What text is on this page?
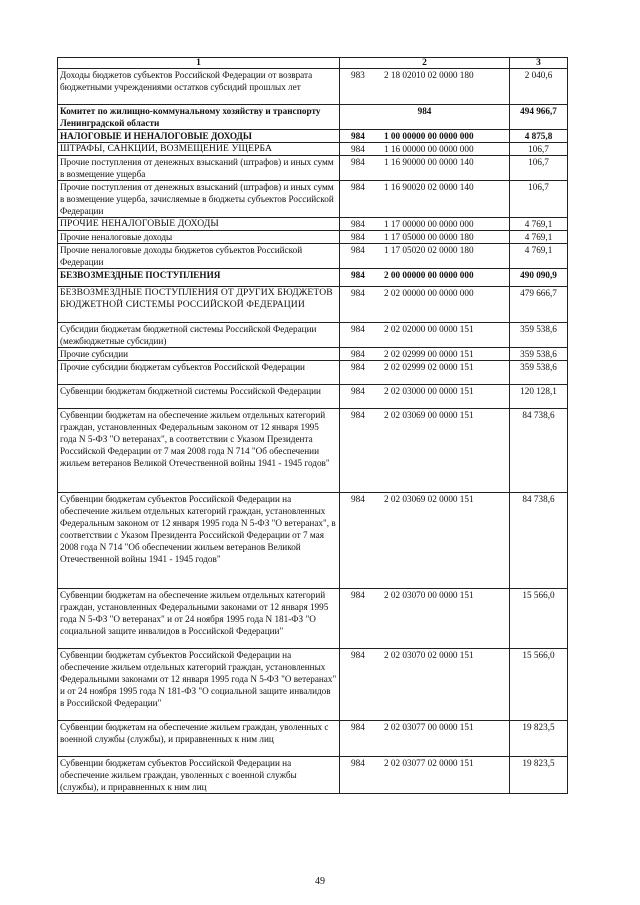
1	2	3
Доходы бюджетов субъектов Российской Федерации от возврата бюджетными учреждениями остатков субсидий прошлых лет	983 2 18 02010 02 0000 180	2 040,6
Комитет по жилищно-коммунальному хозяйству и транспорту Ленинградской области	984	494 966,7
НАЛОГОВЫЕ И НЕНАЛОГОВЫЕ ДОХОДЫ	984 1 00 00000 00 0000 000	4 875,8
ШТРАФЫ, САНКЦИИ, ВОЗМЕЩЕНИЕ УЩЕРБА	984 1 16 00000 00 0000 000	106,7
Прочие поступления от денежных взысканий (штрафов) и иных сумм в возмещение ущерба	984 1 16 90000 00 0000 140	106,7
Прочие поступления от денежных взысканий (штрафов) и иных сумм в возмещение ущерба, зачисляемые в бюджеты субъектов Российской Федерации	984 1 16 90020 02 0000 140	106,7
ПРОЧИЕ НЕНАЛОГОВЫЕ ДОХОДЫ	984 1 17 00000 00 0000 000	4 769,1
Прочие неналоговые доходы	984 1 17 05000 00 0000 180	4 769,1
Прочие неналоговые доходы бюджетов субъектов Российской Федерации	984 1 17 05020 02 0000 180	4 769,1
БЕЗВОЗМЕЗДНЫЕ ПОСТУПЛЕНИЯ	984 2 00 00000 00 0000 000	490 090,9
БЕЗВОЗМЕЗДНЫЕ ПОСТУПЛЕНИЯ ОТ ДРУГИХ БЮДЖЕТОВ БЮДЖЕТНОЙ СИСТЕМЫ РОССИЙСКОЙ ФЕДЕРАЦИИ	984 2 02 00000 00 0000 000	479 666,7
Субсидии бюджетам бюджетной системы Российской Федерации (межбюджетные субсидии)	984 2 02 02000 00 0000 151	359 538,6
Прочие субсидии	984 2 02 02999 00 0000 151	359 538,6
Прочие субсидии бюджетам субъектов Российской Федерации	984 2 02 02999 02 0000 151	359 538,6
Субвенции бюджетам бюджетной системы Российской Федерации	984 2 02 03000 00 0000 151	120 128,1
Субвенции бюджетам на обеспечение жильем отдельных категорий граждан, установленных Федеральным законом от 12 января 1995 года N 5-ФЗ "О ветеранах", в соответствии с Указом Президента Российской Федерации от 7 мая 2008 года N 714 "Об обеспечении жильем ветеранов Великой Отечественной войны 1941 - 1945 годов"	984 2 02 03069 00 0000 151	84 738,6
Субвенции бюджетам субъектов Российской Федерации на обеспечение жильем отдельных категорий граждан, установленных Федеральным законом от 12 января 1995 года N 5-ФЗ "О ветеранах", в соответствии с Указом Президента Российской Федерации от 7 мая 2008 года N 714 "Об обеспечении жильем ветеранов Великой Отечественной войны 1941 - 1945 годов"	984 2 02 03069 02 0000 151	84 738,6
Субвенции бюджетам на обеспечение жильем отдельных категорий граждан, установленных Федеральными законами от 12 января 1995 года N 5-ФЗ "О ветеранах" и от 24 ноября 1995 года N 181-ФЗ "О социальной защите инвалидов в Российской Федерации"	984 2 02 03070 00 0000 151	15 566,0
Субвенции бюджетам субъектов Российской Федерации на обеспечение жильем отдельных категорий граждан, установленных Федеральными законами от 12 января 1995 года N 5-ФЗ "О ветеранах" и от 24 ноября 1995 года N 181-ФЗ "О социальной защите инвалидов в Российской Федерации"	984 2 02 03070 02 0000 151	15 566,0
Субвенции бюджетам на обеспечение жильем граждан, уволенных с военной службы (службы), и приравненных к ним лиц	984 2 02 03077 00 0000 151	19 823,5
Субвенции бюджетам субъектов Российской Федерации на обеспечение жильем граждан, уволенных с военной службы (службы), и приравненных к ним лиц	984 2 02 03077 02 0000 151	19 823,5
49
